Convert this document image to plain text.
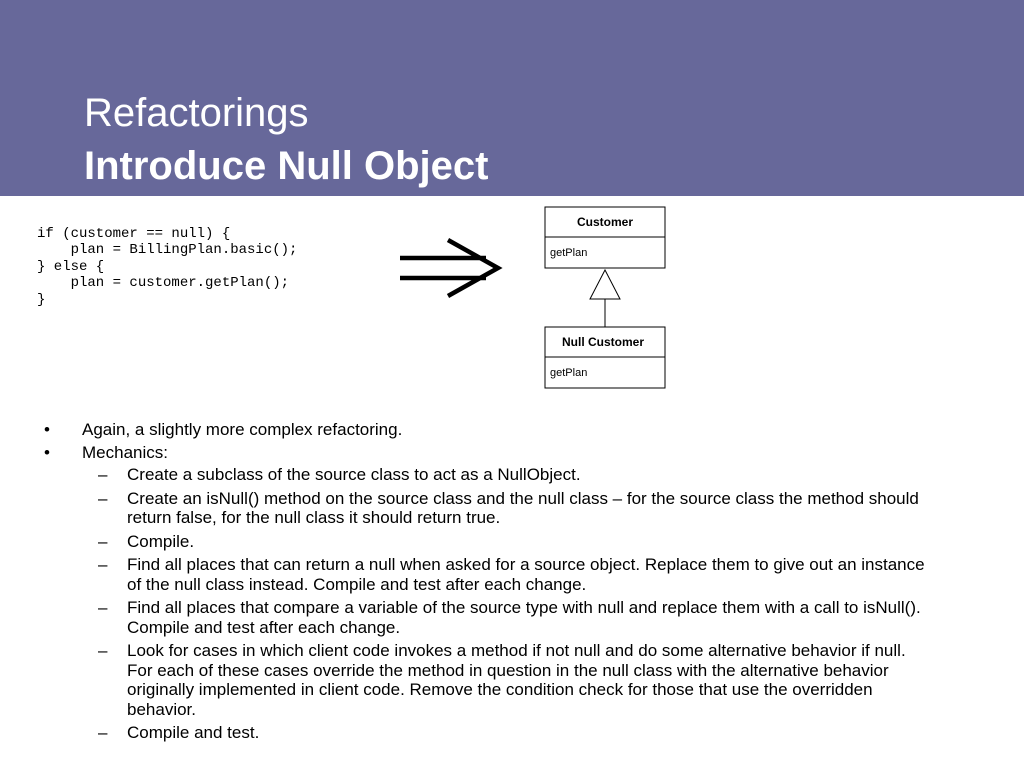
Refactorings
Introduce Null Object
if (customer == null) {
plan = BillingPlan.basic();
} else {
plan = customer.getPlan();
}
Customer
getPlan
Null Customer
getPlan
• Again, a slightly more complex refactoring.
• Mechanics:
– Create a subclass of the source class to act as a NullObject.
– Create an isNull() method on the source class and the null class – for the source class the method should return false, for the null class it should return true.
– Compile.
– Find all places that can return a null when asked for a source object. Replace them to give out an instance of the null class instead. Compile and test after each change.
– Find all places that compare a variable of the source type with null and replace them with a call to isNull(). Compile and test after each change.
– Look for cases in which client code invokes a method if not null and do some alternative behavior if null. For each of these cases override the method in question in the null class with the alternative behavior originally implemented in client code. Remove the condition check for those that use the overridden behavior.
– Compile and test.
